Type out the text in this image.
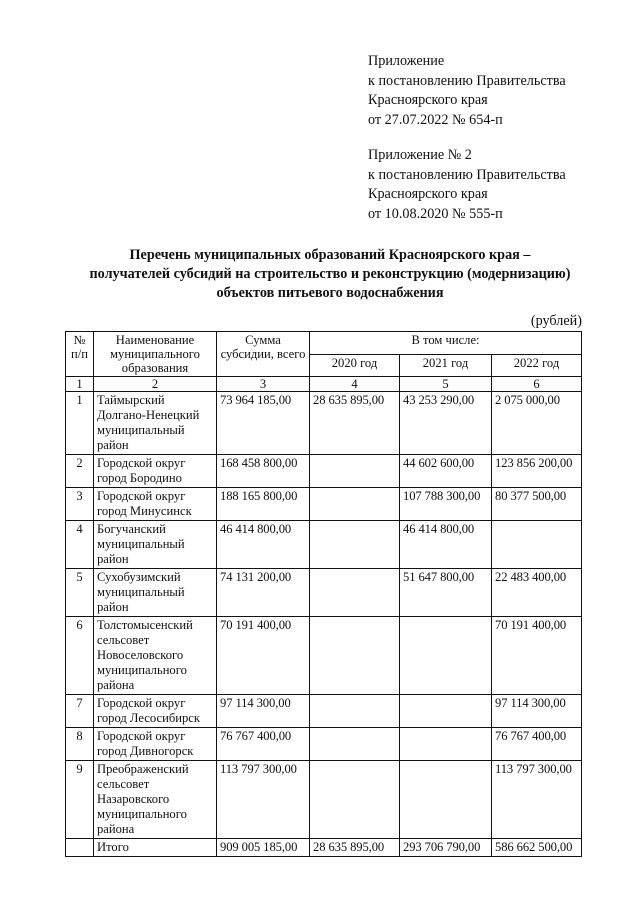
Приложение
к постановлению Правительства
Красноярского края
от 27.07.2022 № 654-п
Приложение № 2
к постановлению Правительства
Красноярского края
от 10.08.2020 № 555-п
Перечень муниципальных образований Красноярского края –
получателей субсидий на строительство и реконструкцию (модернизацию)
объектов питьевого водоснабжения
(рублей)
№ п/п	Наименование муниципального образования	Сумма субсидии, всего	В том числе:		
			2020 год	2021 год	2022 год
1	2	3	4	5	6
1	Таймырский Долгано-Ненецкий муниципальный район	73 964 185,00	28 635 895,00	43 253 290,00	2 075 000,00
2	Городской округ город Бородино	168 458 800,00		44 602 600,00	123 856 200,00
3	Городской округ город Минусинск	188 165 800,00		107 788 300,00	80 377 500,00
4	Богучанский муниципальный район	46 414 800,00		46 414 800,00	
5	Сухобузимский муниципальный район	74 131 200,00		51 647 800,00	22 483 400,00
6	Толстомысенский сельсовет Новоселовского муниципального района	70 191 400,00			70 191 400,00
7	Городской округ город Лесосибирск	97 114 300,00			97 114 300,00
8	Городской округ город Дивногорск	76 767 400,00			76 767 400,00
9	Преображенский сельсовет Назаровского муниципального района	113 797 300,00			113 797 300,00
	Итого	909 005 185,00	28 635 895,00	293 706 790,00	586 662 500,00
